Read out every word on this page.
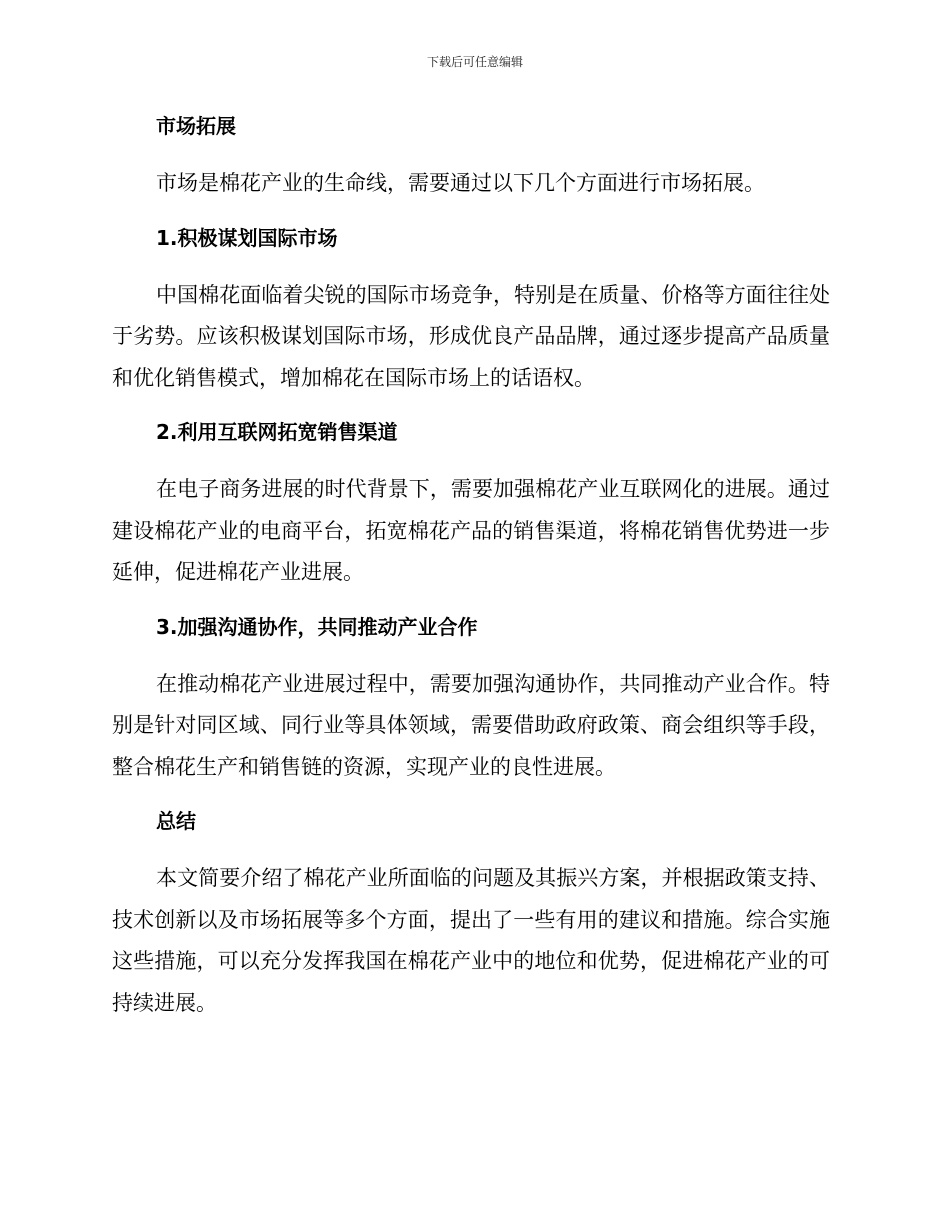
下载后可任意编辑
市场拓展

市场是棉花产业的生命线，需要通过以下几个方面进行市场拓展。

1.积极谋划国际市场

中国棉花面临着尖锐的国际市场竞争，特别是在质量、价格等方面往往处于劣势。应该积极谋划国际市场，形成优良产品品牌，通过逐步提高产品质量和优化销售模式，增加棉花在国际市场上的话语权。

2.利用互联网拓宽销售渠道

在电子商务进展的时代背景下，需要加强棉花产业互联网化的进展。通过建设棉花产业的电商平台，拓宽棉花产品的销售渠道，将棉花销售优势进一步延伸，促进棉花产业进展。

3.加强沟通协作，共同推动产业合作

在推动棉花产业进展过程中，需要加强沟通协作，共同推动产业合作。特别是针对同区域、同行业等具体领域，需要借助政府政策、商会组织等手段，整合棉花生产和销售链的资源，实现产业的良性进展。

总结

本文简要介绍了棉花产业所面临的问题及其振兴方案，并根据政策支持、技术创新以及市场拓展等多个方面，提出了一些有用的建议和措施。综合实施这些措施，可以充分发挥我国在棉花产业中的地位和优势，促进棉花产业的可持续进展。
